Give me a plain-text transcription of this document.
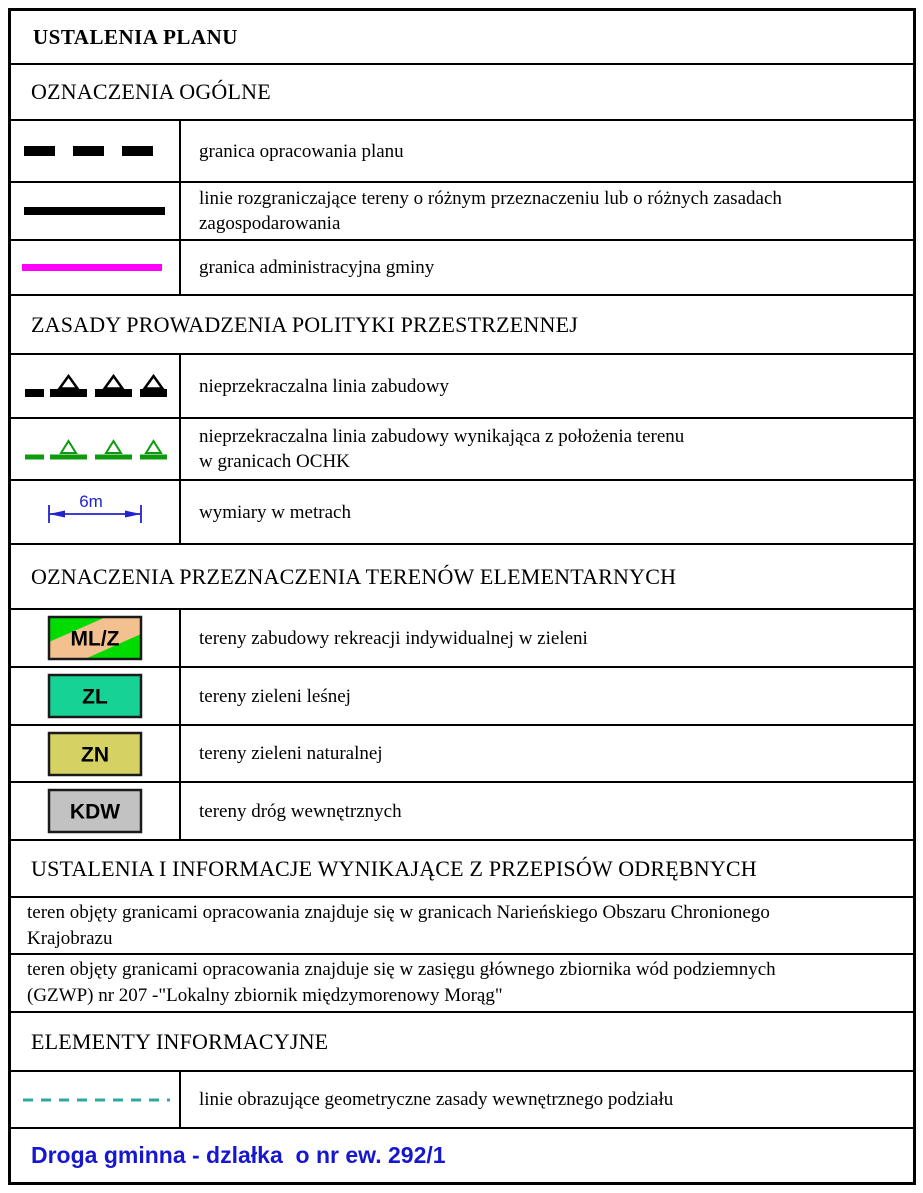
USTALENIA PLANU
OZNACZENIA OGÓLNE
granica opracowania planu
linie rozgraniczające tereny o różnym przeznaczeniu lub o różnych zasadach
zagospodarowania
granica administracyjna gminy
ZASADY PROWADZENIA POLITYKI PRZESTRZENNEJ
nieprzekraczalna linia zabudowy
nieprzekraczalna linia zabudowy wynikająca z położenia terenu
w granicach OCHK
6m	wymiary w metrach
OZNACZENIA PRZEZNACZENIA TERENÓW ELEMENTARNYCH
ML/Z	tereny zabudowy rekreacji indywidualnej w zieleni
ZL	tereny zieleni leśnej
ZN	tereny zieleni naturalnej
KDW	tereny dróg wewnętrznych
USTALENIA I INFORMACJE WYNIKAJĄCE Z PRZEPISÓW ODRĘBNYCH
teren objęty granicami opracowania znajduje się w granicach Narieńskiego Obszaru Chronionego
Krajobrazu
teren objęty granicami opracowania znajduje się w zasięgu głównego zbiornika wód podziemnych
(GZWP) nr 207 -"Lokalny zbiornik międzymorenowy Morąg"
ELEMENTY INFORMACYJNE
linie obrazujące geometryczne zasady wewnętrznego podziału
Droga gminna - dzlałka  o nr ew. 292/1
